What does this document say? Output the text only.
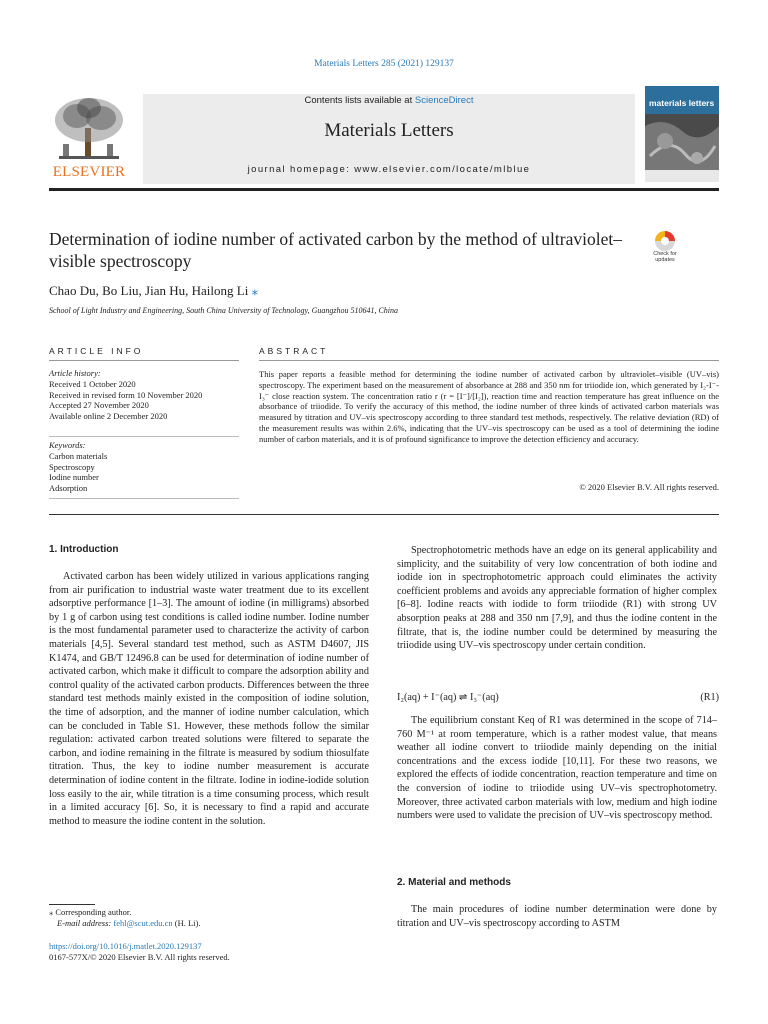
Materials Letters 285 (2021) 129137
ELSEVIER
Contents lists available at ScienceDirect
Materials Letters
journal homepage: www.elsevier.com/locate/mlblue
materials letters
Determination of iodine number of activated carbon by the method of ultraviolet–visible spectroscopy	Check for updates
Chao Du, Bo Liu, Jian Hu, Hailong Li ⁎
School of Light Industry and Engineering, South China University of Technology, Guangzhou 510641, China
ARTICLE INFO	ABSTRACT
Article history:
Received 1 October 2020
Received in revised form 10 November 2020
Accepted 27 November 2020
Available online 2 December 2020
Keywords:
Carbon materials
Spectroscopy
Iodine number
Adsorption
This paper reports a feasible method for determining the iodine number of activated carbon by ultraviolet–visible (UV–vis) spectroscopy. The experiment based on the measurement of absorbance at 288 and 350 nm for triiodide ion, which generated by I₂-I⁻-I₃⁻ close reaction system. The concentration ratio r (r = [I⁻]/[I₂]), reaction time and reaction temperature has great influence on the absorbance of triiodide. To verify the accuracy of this method, the iodine number of three kinds of activated carbon materials was measured by titration and UV–vis spectroscopy according to three standard test methods, respectively. The relative deviation (RD) of the measurement results was within 2.6%, indicating that the UV–vis spectroscopy can be used as a tool of determining the iodine number of carbon materials, and it is of profound significance to improve the detection efficiency and accuracy.
© 2020 Elsevier B.V. All rights reserved.
1. Introduction

Activated carbon has been widely utilized in various applications ranging from air purification to industrial waste water treatment due to its excellent adsorptive performance [1–3]. The amount of iodine (in milligrams) absorbed by 1 g of carbon using test conditions is called iodine number. Iodine number is the most fundamental parameter used to characterize the activity of carbon materials [4,5]. Several standard test method, such as ASTM D4607, JIS K1474, and GB/T 12496.8 can be used for determination of iodine number of activated carbon, which make it difficult to compare the adsorption ability and control quality of the activated carbon products. Differences between the three standard test methods mainly existed in the composition of iodine solution, the time of adsorption, and the manner of iodine number calculation, which can be concluded in Table S1. However, these methods follow the similar regulation: activated carbon treated solutions were filtered to separate the carbon, and iodine remaining in the filtrate is measured by sodium thiosulfate titration. Thus, the key to iodine number measurement is accurate determination of iodine content in the filtrate. Iodine in iodine-iodide solution loss easily to the air, while titration is a time consuming process, which result in a limited accuracy [6]. So, it is necessary to find a rapid and accurate method to measure the iodine content in the solution.

Spectrophotometric methods have an edge on its general applicability and simplicity, and the suitability of very low concentration of both iodine and iodide ion in spectrophotometric approach could eliminates the activity coefficient problems and avoids any appreciable formation of higher complex [6–8]. Iodine reacts with iodide to form triiodide (R1) with strong UV absorption peaks at 288 and 350 nm [7,9], and thus the iodine content in the filtrate, that is, the iodine number could be determined by measuring the triiodide using UV–vis spectroscopy under certain condition.

I₂(aq) + I⁻(aq) ⇌ I₃⁻(aq)	(R1)

The equilibrium constant Keq of R1 was determined in the scope of 714–760 M⁻¹ at room temperature, which is a rather modest value, that means weather all iodine convert to triiodide mainly depending on the initial concentrations and the excess iodide [10,11]. For these two reasons, we explored the effects of iodide concentration, reaction temperature and time on the conversion of iodine to triiodide using UV–vis spectrophotometry. Moreover, three activated carbon materials with low, medium and high iodine numbers were used to validate the precision of UV–vis spectroscopy method.

2. Material and methods

The main procedures of iodine number determination were done by titration and UV–vis spectroscopy according to ASTM

⁎ Corresponding author.
E-mail address: fehl@scut.edu.cn (H. Li).
https://doi.org/10.1016/j.matlet.2020.129137
0167-577X/© 2020 Elsevier B.V. All rights reserved.
